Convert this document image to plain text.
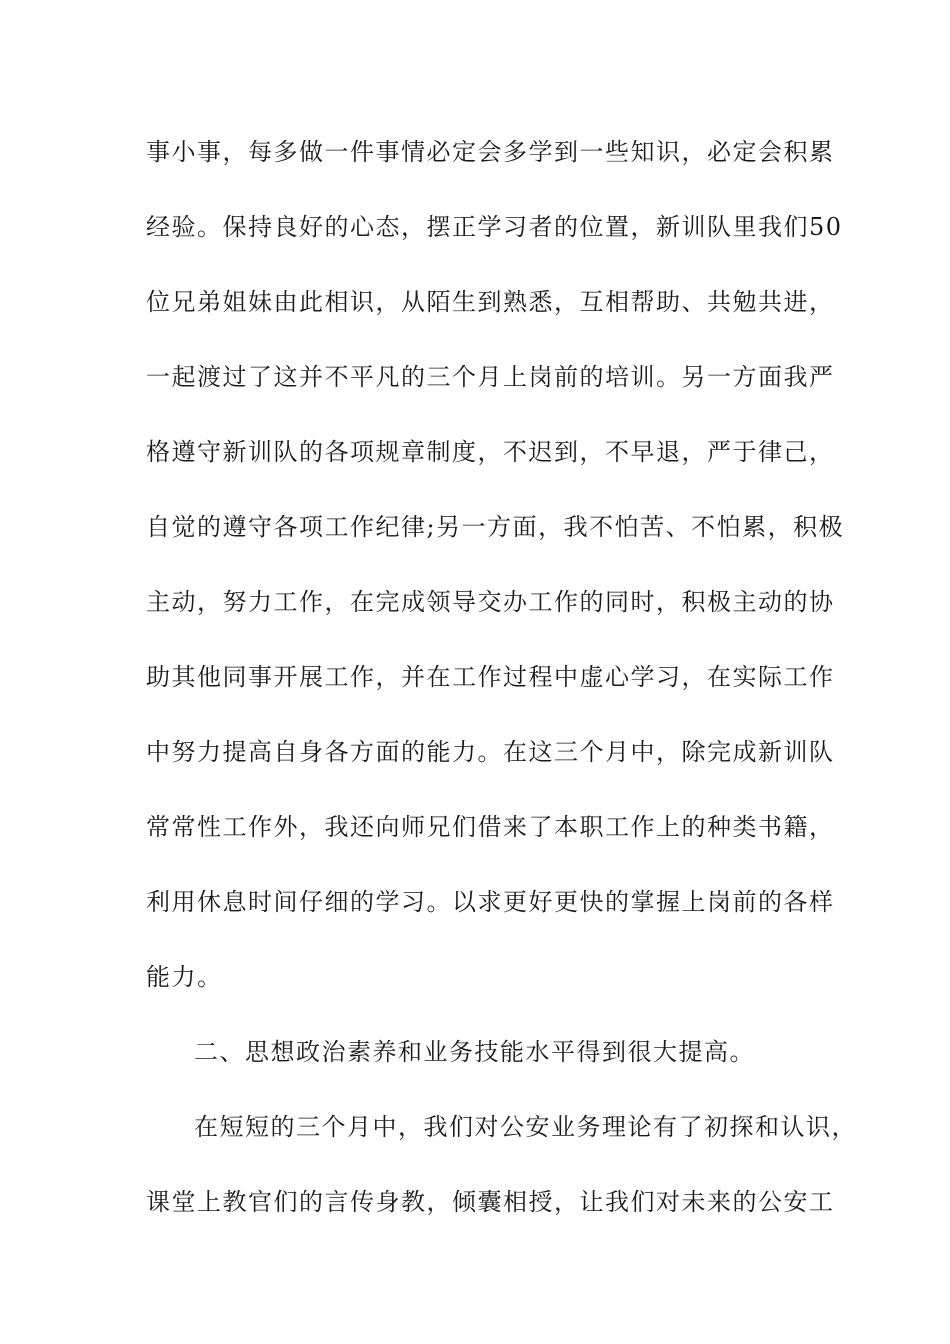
事小事，每多做一件事情必定会多学到一些知识，必定会积累
经验。保持良好的心态，摆正学习者的位置，新训队里我们50
位兄弟姐妹由此相识，从陌生到熟悉，互相帮助、共勉共进，
一起渡过了这并不平凡的三个月上岗前的培训。另一方面我严
格遵守新训队的各项规章制度，不迟到，不早退，严于律己，
自觉的遵守各项工作纪律;另一方面，我不怕苦、不怕累，积极
主动，努力工作，在完成领导交办工作的同时，积极主动的协
助其他同事开展工作，并在工作过程中虚心学习，在实际工作
中努力提高自身各方面的能力。在这三个月中，除完成新训队
常常性工作外，我还向师兄们借来了本职工作上的种类书籍，
利用休息时间仔细的学习。以求更好更快的掌握上岗前的各样
能力。
二、思想政治素养和业务技能水平得到很大提高。
在短短的三个月中，我们对公安业务理论有了初探和认识，
课堂上教官们的言传身教，倾囊相授，让我们对未来的公安工
